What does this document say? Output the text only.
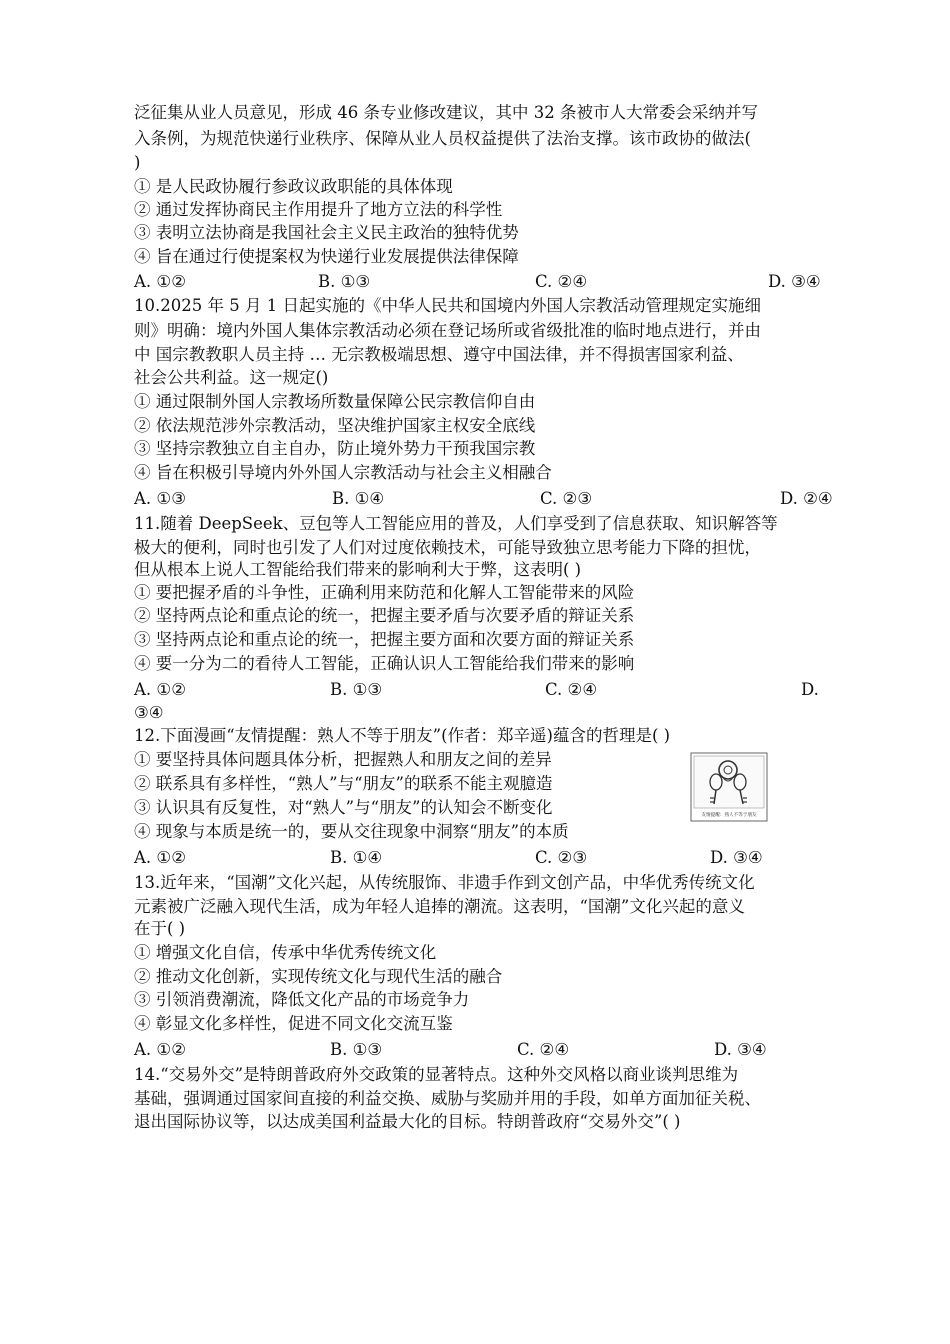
泛征集从业人员意见，形成 46 条专业修改建议，其中 32 条被市人大常委会采纳并写
入条例，为规范快递行业秩序、保障从业人员权益提供了法治支撑。该市政协的做法(
)
① 是人民政协履行参政议政职能的具体体现
② 通过发挥协商民主作用提升了地方立法的科学性
③ 表明立法协商是我国社会主义民主政治的独特优势
④ 旨在通过行使提案权为快递行业发展提供法律保障
A. ①②	B. ①③	C. ②④	D. ③④
10.2025 年 5 月 1 日起实施的《中华人民共和国境内外国人宗教活动管理规定实施细
则》明确：境内外国人集体宗教活动必须在登记场所或省级批准的临时地点进行，并由
中 国宗教教职人员主持 … 无宗教极端思想、遵守中国法律，并不得损害国家利益、
社会公共利益。这一规定()
① 通过限制外国人宗教场所数量保障公民宗教信仰自由
② 依法规范涉外宗教活动，坚决维护国家主权安全底线
③ 坚持宗教独立自主自办，防止境外势力干预我国宗教
④ 旨在积极引导境内外外国人宗教活动与社会主义相融合
A. ①③	B. ①④	C. ②③	D. ②④
11.随着 DeepSeek、豆包等人工智能应用的普及，人们享受到了信息获取、知识解答等
极大的便利，同时也引发了人们对过度依赖技术，可能导致独立思考能力下降的担忧，
但从根本上说人工智能给我们带来的影响利大于弊，这表明( )
① 要把握矛盾的斗争性，正确利用来防范和化解人工智能带来的风险
② 坚持两点论和重点论的统一，把握主要矛盾与次要矛盾的辩证关系
③ 坚持两点论和重点论的统一，把握主要方面和次要方面的辩证关系
④ 要一分为二的看待人工智能，正确认识人工智能给我们带来的影响
A. ①②	B. ①③	C. ②④	D.
③④
12.下面漫画“友情提醒：熟人不等于朋友”(作者：郑辛遥)蕴含的哲理是( )
① 要坚持具体问题具体分析，把握熟人和朋友之间的差异
② 联系具有多样性，“熟人”与“朋友”的联系不能主观臆造
③ 认识具有反复性，对“熟人”与“朋友”的认知会不断变化
④ 现象与本质是统一的，要从交往现象中洞察“朋友”的本质
A. ①②	B. ①④	C. ②③	D. ③④
友情提醒：熟人不等于朋友
13.近年来，“国潮”文化兴起，从传统服饰、非遗手作到文创产品，中华优秀传统文化
元素被广泛融入现代生活，成为年轻人追捧的潮流。这表明，“国潮”文化兴起的意义
在于( )
① 增强文化自信，传承中华优秀传统文化
② 推动文化创新，实现传统文化与现代生活的融合
③ 引领消费潮流，降低文化产品的市场竞争力
④ 彰显文化多样性，促进不同文化交流互鉴
A. ①②	B. ①③	C. ②④	D. ③④
14.“交易外交”是特朗普政府外交政策的显著特点。这种外交风格以商业谈判思维为
基础，强调通过国家间直接的利益交换、威胁与奖励并用的手段，如单方面加征关税、
退出国际协议等，以达成美国利益最大化的目标。特朗普政府“交易外交”( )
